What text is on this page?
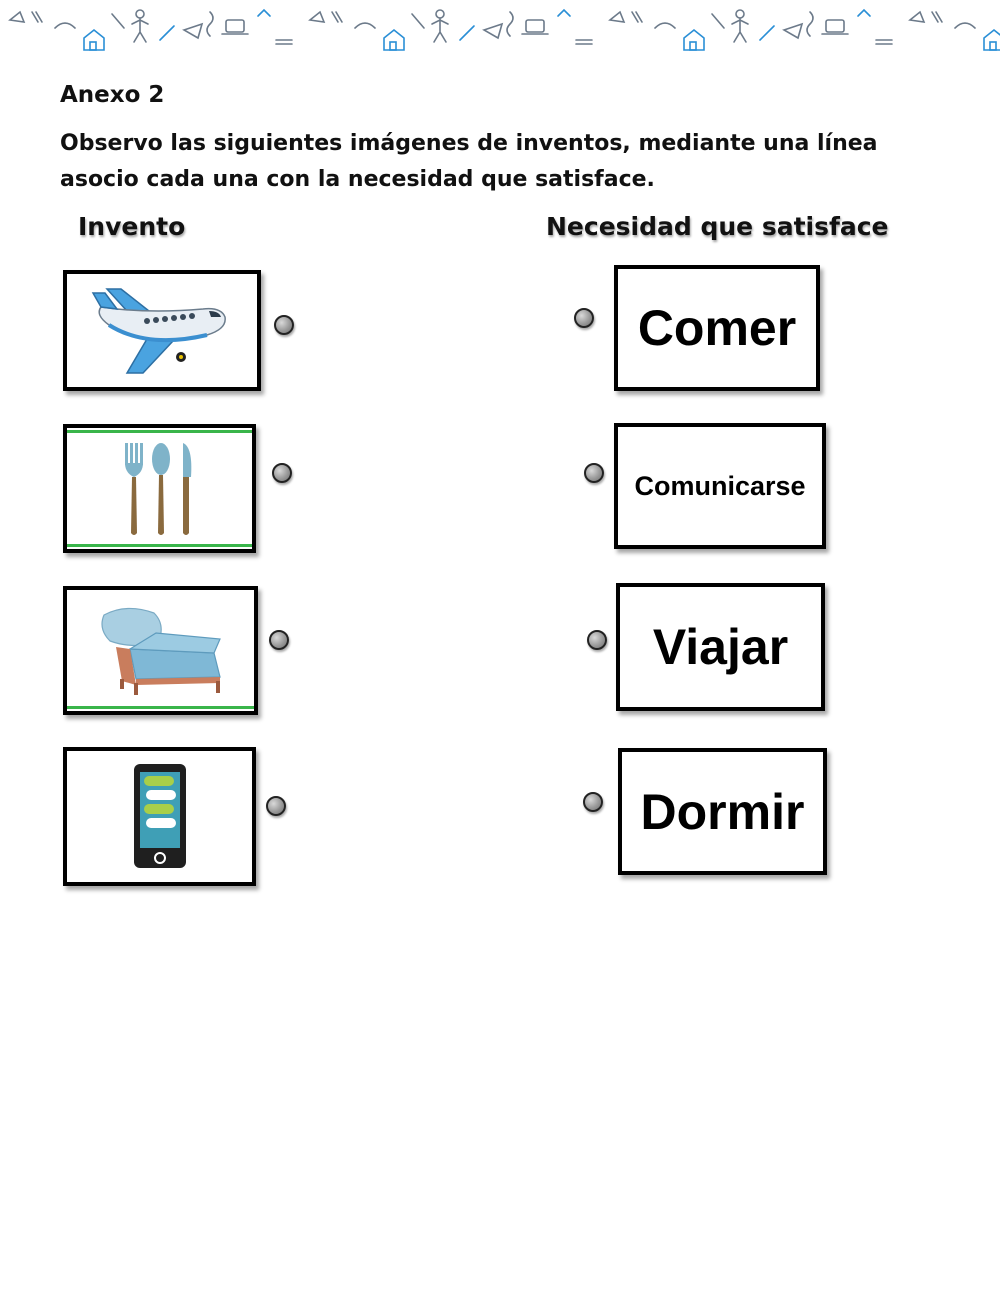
Anexo 2

Observo las siguientes imágenes de inventos, mediante una línea asocio cada una con la necesidad que satisface.

Invento	Necesidad que satisface
Comer
Comunicarse
Viajar
Dormir
